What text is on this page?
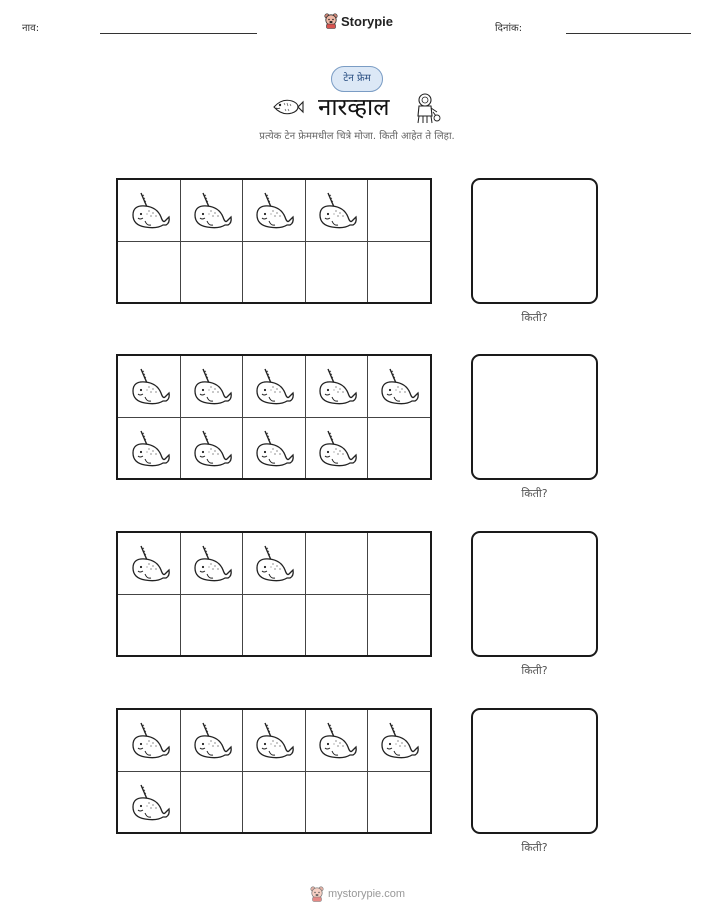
नाव:	Storypie	दिनांक:
टेन फ्रेम
नारव्हाल
प्रत्येक टेन फ्रेममधील चित्रे मोजा. किती आहेत ते लिहा.
किती?
किती?
किती?
किती?
mystorypie.com
